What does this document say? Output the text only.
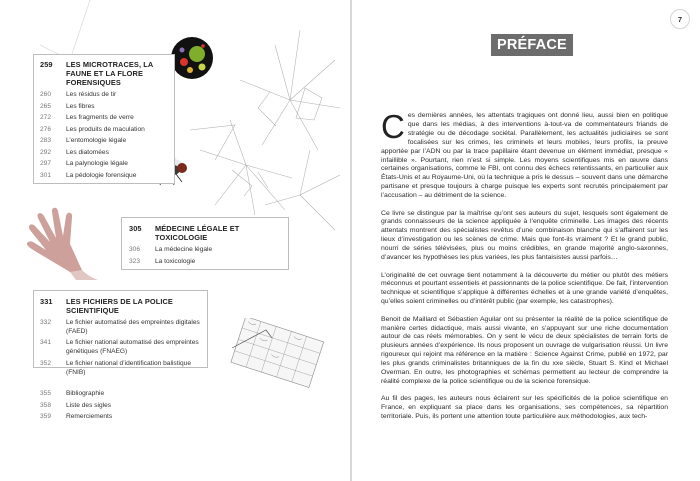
259	LES MICROTRACES, LA FAUNE ET LA FLORE FORENSIQUES
260	Les résidus de tir
265	Les fibres
272	Les fragments de verre
276	Les produits de maculation
283	L’entomologie légale
292	Les diatomées
297	La palynologie légale
301	La pédologie forensique
305	MÉDECINE LÉGALE ET TOXICOLOGIE
306	La médecine légale
323	La toxicologie
331	LES FICHIERS DE LA POLICE SCIENTIFIQUE
332	Le fichier automatisé des empreintes digitales (FAED)
341	Le fichier national automatisé des empreintes génétiques (FNAEG)
352	Le fichier national d’identification balistique (FNIB)
355	Bibliographie
358	Liste des sigles
359	Remerciements
7
PRÉFACE

Ces dernières années, les attentats tragiques ont donné lieu, aussi bien en politique que dans les médias, à des interventions à-tout-va de commentateurs friands de stratégie ou de décodage sociétal. Parallèlement, les actualités judiciaires se sont focalisées sur les crimes, les criminels et leurs mobiles, leurs profils, la preuve apportée par l’ADN ou par la trace papillaire étant devenue un élément immédiat, presque « infaillible ». Pourtant, rien n’est si simple. Les moyens scientifiques mis en œuvre dans certaines organisations, comme le FBI, ont connu des échecs retentissants, en particulier aux États-Unis et au Royaume-Uni, où la technique a pris le dessus – souvent dans une démarche partisane et presque toujours à charge puisque les experts sont recrutés principalement par l’accusation – au détriment de la science.

Ce livre se distingue par la maîtrise qu’ont ses auteurs du sujet, lesquels sont également de grands connaisseurs de la science appliquée à l’enquête criminelle. Les images des récents attentats montrent des spécialistes revêtus d’une combinaison blanche qui s’affairent sur les lieux d’investigation ou les scènes de crime. Mais que font-ils vraiment ? Et le grand public, nourri de séries télévisées, plus ou moins crédibles, en grande majorité anglo-saxonnes, d’avancer les hypothèses les plus variées, les plus fantaisistes aussi parfois…

L’originalité de cet ouvrage tient notamment à la découverte du métier ou plutôt des métiers méconnus et pourtant essentiels et passionnants de la police scientifique. De fait, l’intervention technique et scientifique s’applique à différentes échelles et à une grande variété d’enquêtes, qu’elles soient criminelles ou d’intérêt public (par exemple, les catastrophes).

Benoit de Maillard et Sébastien Aguilar ont su présenter la réalité de la police scientifique de manière certes didactique, mais aussi vivante, en s’appuyant sur une riche documentation autour de cas réels mémorables. On y sent le vécu de deux spécialistes de terrain forts de plusieurs années d’expérience. Ils nous proposent un ouvrage de vulgarisation réussi. Un livre rigoureux qui rejoint ma référence en la matière : Science Against Crime, publié en 1972, par les plus grands criminalistes britanniques de la fin du xxe siècle, Stuart S. Kind et Michael Overman. En outre, les photographies et schémas permettent au lecteur de comprendre la réalité complexe de la police scientifique ou de la science forensique.

Au fil des pages, les auteurs nous éclairent sur les spécificités de la police scientifique en France, en expliquant sa place dans les organisations, ses compétences, sa répartition territoriale. Puis, ils portent une attention toute particulière aux méthodologies, aux tech-
